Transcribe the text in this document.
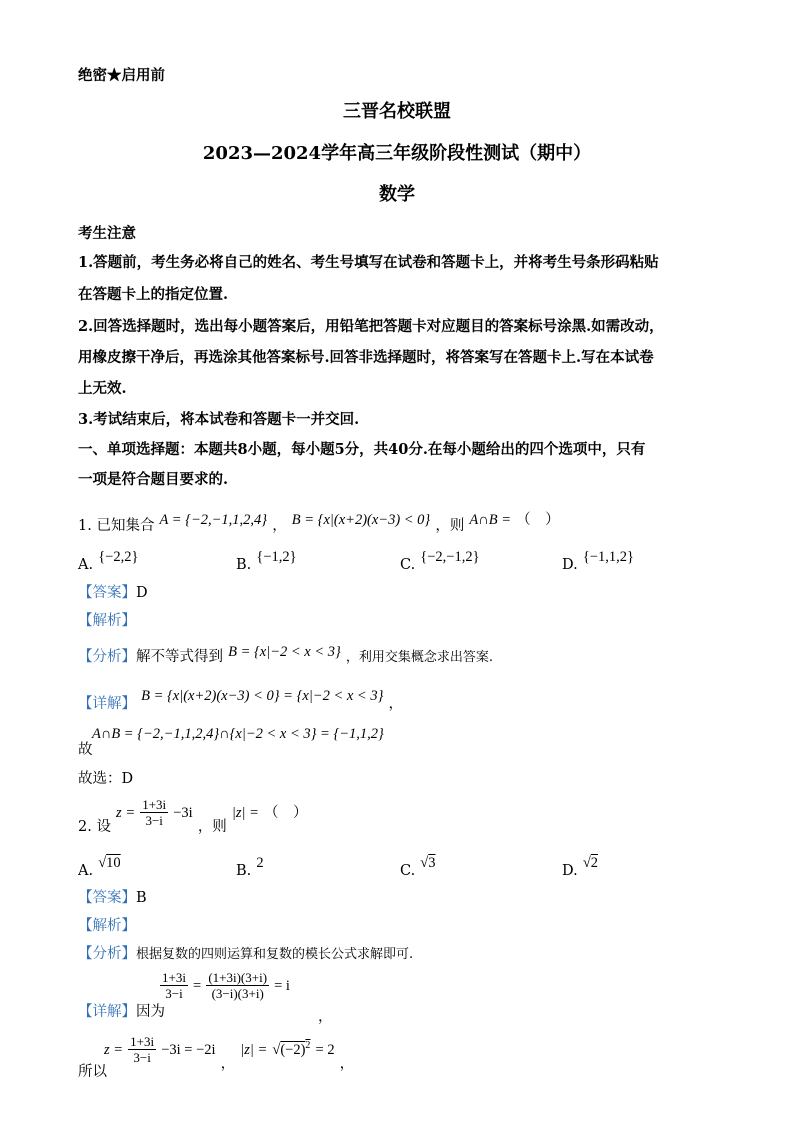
绝密★启用前
三晋名校联盟
2023—2024学年高三年级阶段性测试（期中）
数学
考生注意
1.答题前，考生务必将自己的姓名、考生号填写在试卷和答题卡上，并将考生号条形码粘贴
在答题卡上的指定位置.
2.回答选择题时，选出每小题答案后，用铅笔把答题卡对应题目的答案标号涂黑.如需改动，
用橡皮擦干净后，再选涂其他答案标号.回答非选择题时，将答案写在答题卡上.写在本试卷
上无效.
3.考试结束后，将本试卷和答题卡一并交回.
一、单项选择题：本题共8小题，每小题5分，共40分.在每小题给出的四个选项中，只有
一项是符合题目要求的.
1. 已知集合 A = {−2,−1,1,2,4} ， B = {x|(x+2)(x−3) < 0} ，则 A∩B = （　）
A. {−2,2}	B. {−1,2}	C. {−2,−1,2}	D. {−1,1,2}
【答案】D
【解析】
【分析】解不等式得到 B = {x|−2 < x < 3} $_{,利用交集概念求出答案.}$
【详解】 B = {x|(x+2)(x−3) < 0} = {x|−2 < x < 3} ，
故
A∩B = {−2,−1,1,2,4}∩{x|−2 < x < 3} = {−1,1,2}
故选：D
2. 设 $z = \frac{1+3i}{3-i} -3i$ ，则 |z| = （　）
A. √10	B. 2	C. √3	D. √2
【答案】B
【解析】
【分析】根据复数的四则运算和复数的模长公式求解即可.
【详解】因为
$\frac{1+3i}{3-i} = \frac{(1+3i)(3+i)}{(3-i)(3+i)} = i$
，
所以
$z = \frac{1+3i}{3-i} -3i = -2i$ ， $|z| = √(-2)^2 = 2$ ，
